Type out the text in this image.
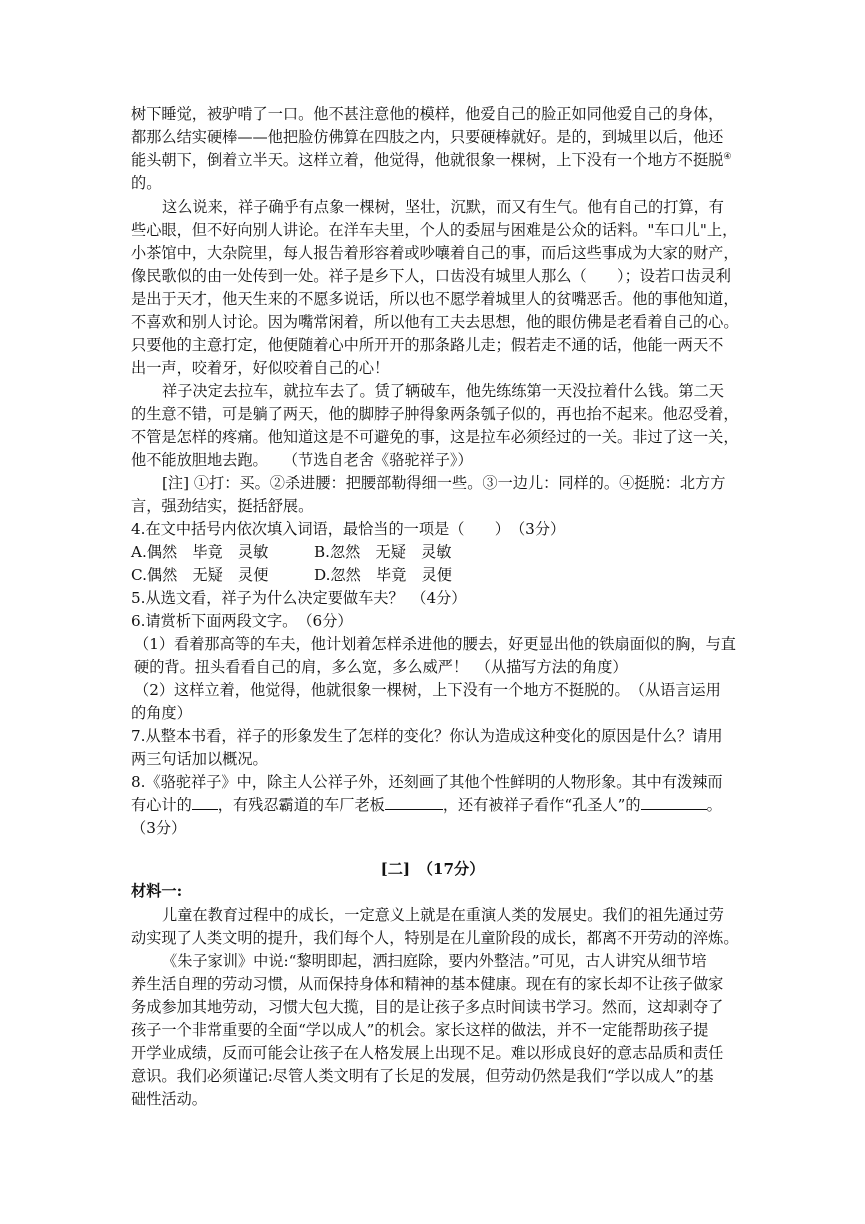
树下睡觉，被驴啃了一口。他不甚注意他的模样，他爱自己的脸正如同他爱自己的身体，
都那么结实硬棒——他把脸仿佛算在四肢之内，只要硬棒就好。是的，到城里以后，他还
能头朝下，倒着立半天。这样立着，他觉得，他就很象一棵树，上下没有一个地方不挺脱④
的。
这么说来，祥子确乎有点象一棵树，坚壮，沉默，而又有生气。他有自己的打算，有
些心眼，但不好向别人讲论。在洋车夫里，个人的委屈与困难是公众的话料。"车口儿"上，
小茶馆中，大杂院里，每人报告着形容着或吵嚷着自己的事，而后这些事成为大家的财产，
像民歌似的由一处传到一处。祥子是乡下人，口齿没有城里人那么（　　）；设若口齿灵利
是出于天才，他天生来的不愿多说话，所以也不愿学着城里人的贫嘴恶舌。他的事他知道，
不喜欢和别人讨论。因为嘴常闲着，所以他有工夫去思想，他的眼仿佛是老看着自己的心。
只要他的主意打定，他便随着心中所开开的那条路儿走；假若走不通的话，他能一两天不
出一声，咬着牙，好似咬着自己的心！
祥子决定去拉车，就拉车去了。赁了辆破车，他先练练第一天没拉着什么钱。第二天
的生意不错，可是躺了两天，他的脚脖子肿得象两条瓠子似的，再也抬不起来。他忍受着，
不管是怎样的疼痛。他知道这是不可避免的事，这是拉车必须经过的一关。非过了这一关，
他不能放胆地去跑。　　（节选自老舍《骆驼祥子》）
[注] ①打：买。②杀进腰：把腰部勒得细一些。③一边儿：同样的。④挺脱：北方方
言，强劲结实，挺括舒展。
4.在文中括号内依次填入词语，最恰当的一项是（　　）　（3分）
A.偶然　毕竟　灵敏	B.忽然　无疑　灵敏
C.偶然　无疑　灵便	D.忽然　毕竟　灵便
5.从选文看，祥子为什么决定要做车夫？　（4分）
6.请赏析下面两段文字。　（6分）
（1）看着那高等的车夫，他计划着怎样杀进他的腰去，好更显出他的铁扇面似的胸，与直
硬的背。扭头看看自己的肩，多么宽，多么威严！　（从描写方法的角度）
（2）这样立着，他觉得，他就很象一棵树，上下没有一个地方不挺脱的。　（从语言运用
的角度）
7.从整本书看，祥子的形象发生了怎样的变化？你认为造成这种变化的原因是什么？请用
两三句话加以概况。
8.《骆驼祥子》中，除主人公祥子外，还刻画了其他个性鲜明的人物形象。其中有泼辣而
有心计的 ，有残忍霸道的车厂老板	，还有被祥子看作“孔圣人”的	。
（3分）
[二]　（17分）
材料一:
儿童在教育过程中的成长，一定意义上就是在重演人类的发展史。我们的祖先通过劳
动实现了人类文明的提升，我们每个人，特别是在儿童阶段的成长，都离不开劳动的淬炼。
《朱子家训》中说:“黎明即起，洒扫庭除，要内外整洁。”可见，古人讲究从细节培
养生活自理的劳动习惯，从而保持身体和精神的基本健康。现在有的家长却不让孩子做家
务成参加其地劳动，习惯大包大揽，目的是让孩子多点时间读书学习。然而，这却剥夺了
孩子一个非常重要的全面“学以成人”的机会。家长这样的做法，并不一定能帮助孩子提
开学业成绩，反而可能会让孩子在人格发展上出现不足。难以形成良好的意志品质和责任
意识。我们必须谨记:尽管人类文明有了长足的发展，但劳动仍然是我们“学以成人”的基
础性活动。
